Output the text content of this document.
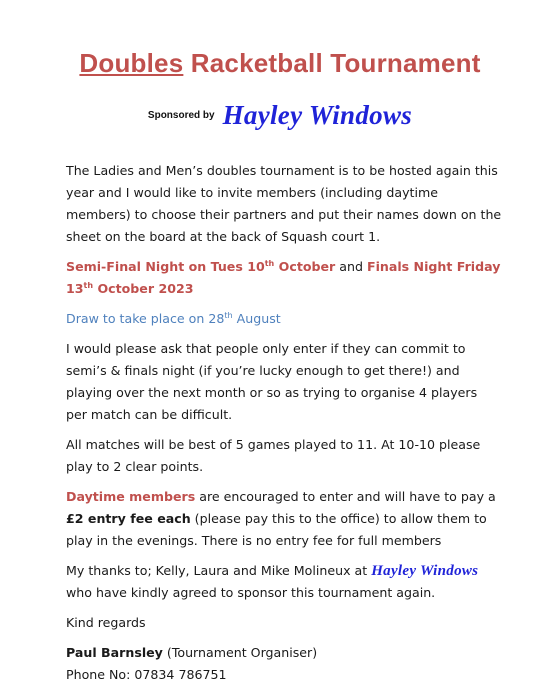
Doubles Racketball Tournament
Sponsored by Hayley Windows

The Ladies and Men’s doubles tournament is to be hosted again this year and I would like to invite members (including daytime members) to choose their partners and put their names down on the sheet on the board at the back of Squash court 1.

Semi-Final Night on Tues 10th October and Finals Night Friday 13th October 2023

Draw to take place on 28th August

I would please ask that people only enter if they can commit to semi’s & finals night (if you’re lucky enough to get there!) and playing over the next month or so as trying to organise 4 players per match can be difficult.

All matches will be best of 5 games played to 11. At 10-10 please play to 2 clear points.

Daytime members are encouraged to enter and will have to pay a £2 entry fee each (please pay this to the office) to allow them to play in the evenings. There is no entry fee for full members

My thanks to; Kelly, Laura and Mike Molineux at Hayley Windows who have kindly agreed to sponsor this tournament again.

Kind regards

Paul Barnsley (Tournament Organiser)

Phone No: 07834 786751
